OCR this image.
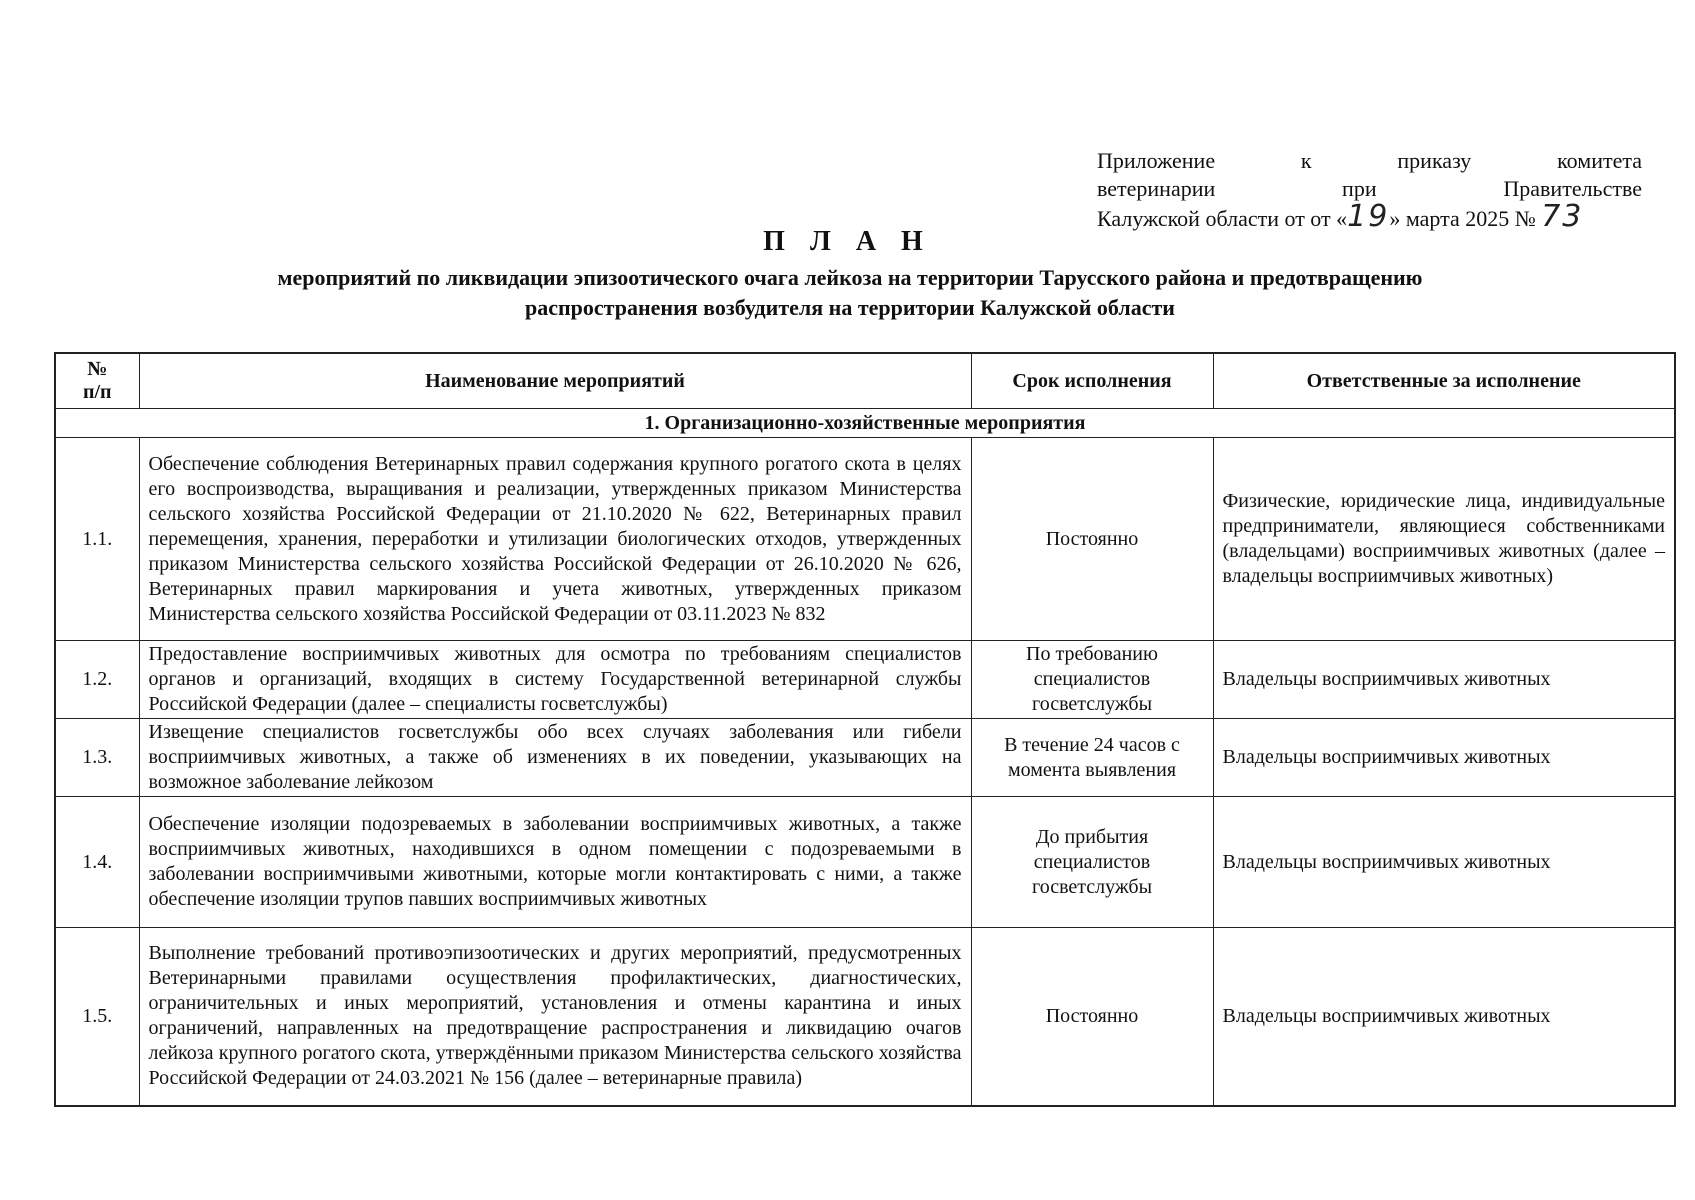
Приложение к приказу комитета
ветеринарии при Правительстве
Калужской области от от «19» марта 2025 № 73
П Л А Н
мероприятий по ликвидации эпизоотического очага лейкоза на территории Тарусского района и предотвращению
распространения возбудителя на территории Калужской области
№
п/п	Наименование мероприятий	Срок исполнения	Ответственные за исполнение
1. Организационно-хозяйственные мероприятия			
1.1.	Обеспечение соблюдения Ветеринарных правил содержания крупного рогатого скота в целях его воспроизводства, выращивания и реализации, утвержденных приказом Министерства сельского хозяйства Российской Федерации от 21.10.2020 № 622, Ветеринарных правил перемещения, хранения, переработки и утилизации биологических отходов, утвержденных приказом Министерства сельского хозяйства Российской Федерации от 26.10.2020 № 626, Ветеринарных правил маркирования и учета животных, утвержденных приказом Министерства сельского хозяйства Российской Федерации от 03.11.2023 № 832	Постоянно	Физические, юридические лица, индивидуальные предприниматели, являющиеся собственниками (владельцами) восприимчивых животных (далее – владельцы восприимчивых животных)
1.2.	Предоставление восприимчивых животных для осмотра по требованиям специалистов органов и организаций, входящих в систему Государственной ветеринарной службы Российской Федерации (далее – специалисты госветслужбы)	По требованию специалистов госветслужбы	Владельцы восприимчивых животных
1.3.	Извещение специалистов госветслужбы обо всех случаях заболевания или гибели восприимчивых животных, а также об изменениях в их поведении, указывающих на возможное заболевание лейкозом	В течение 24 часов с момента выявления	Владельцы восприимчивых животных
1.4.	Обеспечение изоляции подозреваемых в заболевании восприимчивых животных, а также восприимчивых животных, находившихся в одном помещении с подозреваемыми в заболевании восприимчивыми животными, которые могли контактировать с ними, а также обеспечение изоляции трупов павших восприимчивых животных	До прибытия специалистов госветслужбы	Владельцы восприимчивых животных
1.5.	Выполнение требований противоэпизоотических и других мероприятий, предусмотренных Ветеринарными правилами осуществления профилактических, диагностических, ограничительных и иных мероприятий, установления и отмены карантина и иных ограничений, направленных на предотвращение распространения и ликвидацию очагов лейкоза крупного рогатого скота, утверждёнными приказом Министерства сельского хозяйства Российской Федерации от 24.03.2021 № 156 (далее – ветеринарные правила)	Постоянно	Владельцы восприимчивых животных
